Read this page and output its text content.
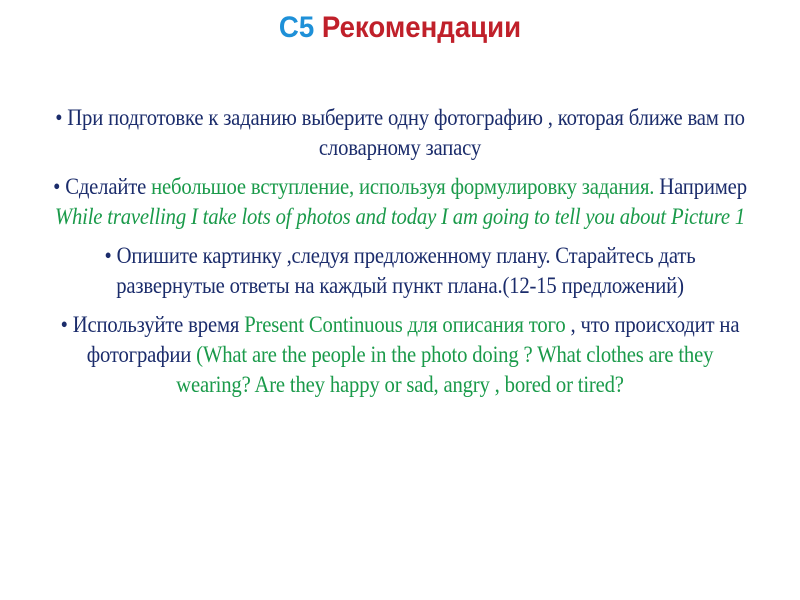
C5 Рекомендации
• При подготовке к заданию выберите одну фотографию , которая ближе вам по словарному запасу
• Сделайте небольшое вступление, используя формулировку задания. Например While travelling I take lots of photos and today I am going to tell you about Picture 1
• Опишите картинку ,следуя предложенному плану. Старайтесь дать развернутые ответы на каждый пункт плана.(12-15 предложений)
• Используйте время Present Continuous для описания того , что происходит на фотографии (What are the people in the photo doing ? What clothes are they wearing? Are they happy or sad, angry , bored or tired?
